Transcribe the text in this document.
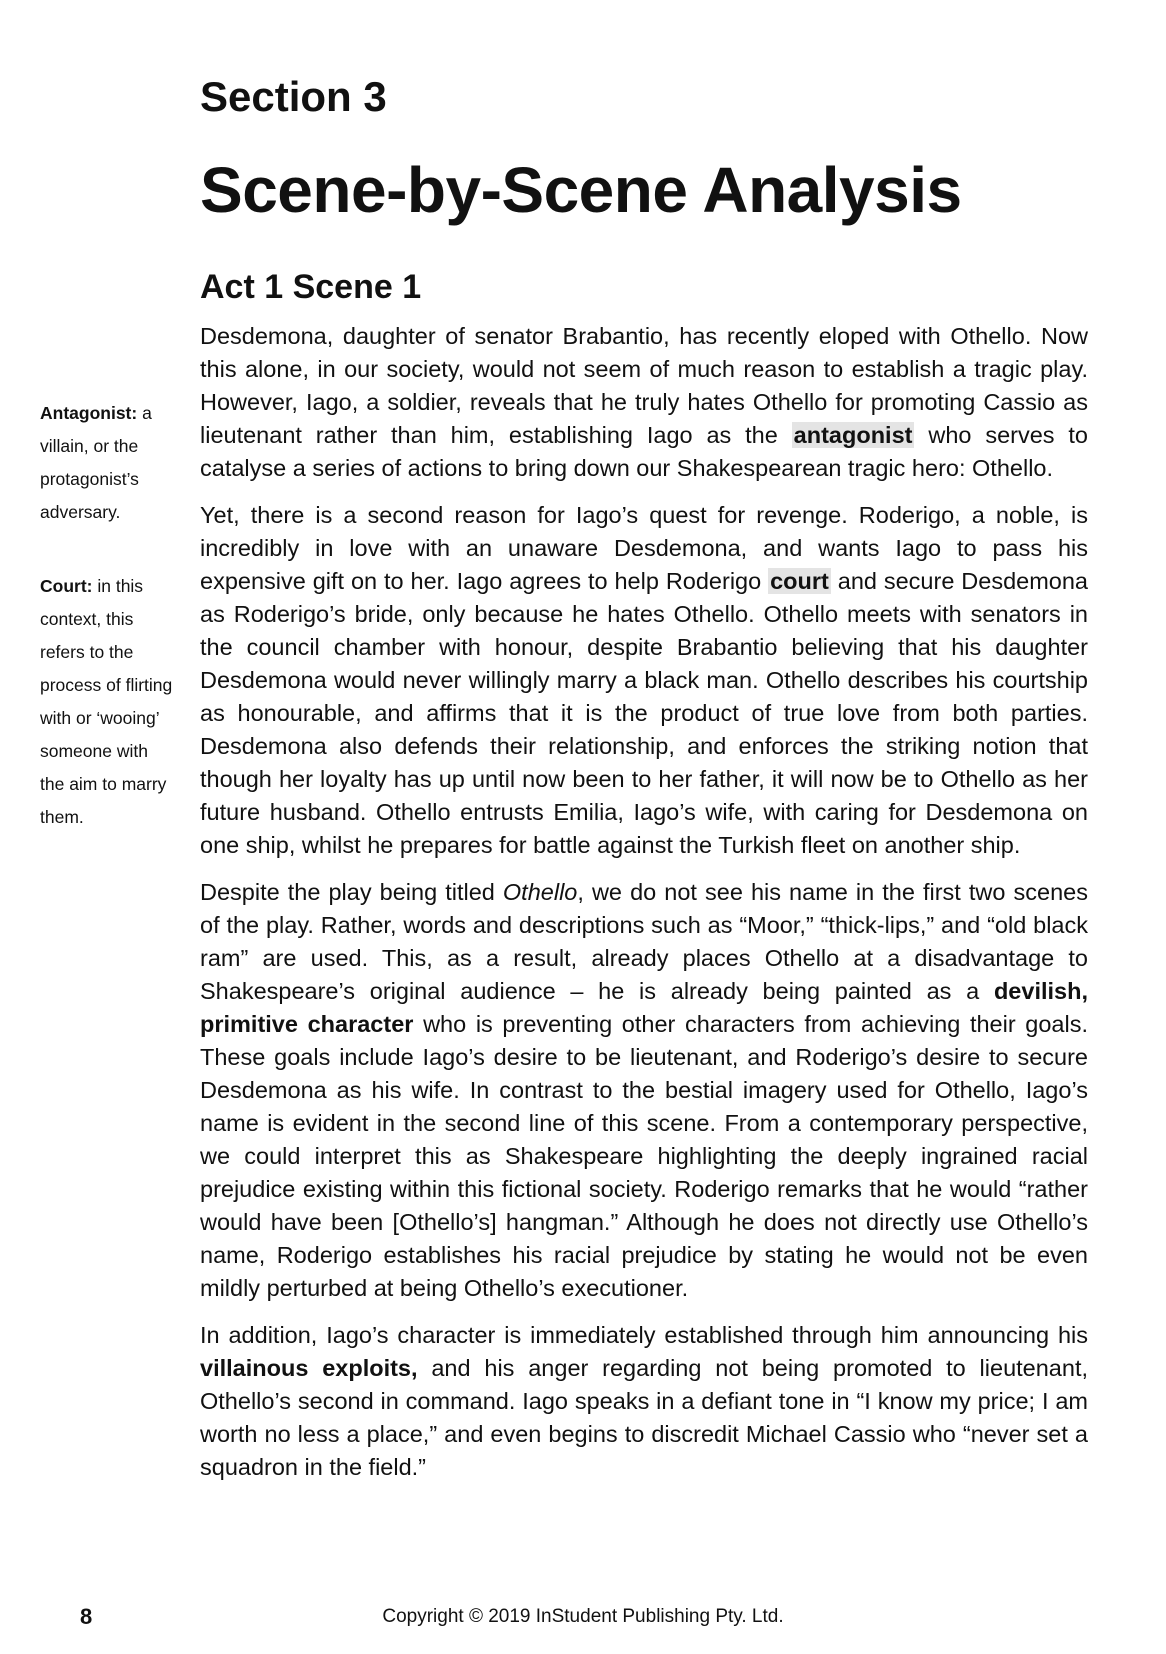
Section 3
Scene-by-Scene Analysis
Act 1 Scene 1
Antagonist: a villain, or the protagonist’s adversary.
Court: in this context, this refers to the process of flirting with or ‘wooing’ someone with the aim to marry them.

Desdemona, daughter of senator Brabantio, has recently eloped with Othello. Now this alone, in our society, would not seem of much reason to establish a tragic play. However, Iago, a soldier, reveals that he truly hates Othello for promoting Cassio as lieutenant rather than him, establishing Iago as the antagonist who serves to catalyse a series of actions to bring down our Shakespearean tragic hero: Othello.

Yet, there is a second reason for Iago’s quest for revenge. Roderigo, a noble, is incredibly in love with an unaware Desdemona, and wants Iago to pass his expensive gift on to her. Iago agrees to help Roderigo court and secure Desdemona as Roderigo’s bride, only because he hates Othello. Othello meets with senators in the council chamber with honour, despite Brabantio believing that his daughter Desdemona would never willingly marry a black man. Othello describes his courtship as honourable, and affirms that it is the product of true love from both parties. Desdemona also defends their relationship, and enforces the striking notion that though her loyalty has up until now been to her father, it will now be to Othello as her future husband. Othello entrusts Emilia, Iago’s wife, with caring for Desdemona on one ship, whilst he prepares for battle against the Turkish fleet on another ship.

Despite the play being titled Othello, we do not see his name in the first two scenes of the play. Rather, words and descriptions such as “Moor,” “thick-lips,” and “old black ram” are used. This, as a result, already places Othello at a disadvantage to Shakespeare’s original audience – he is already being painted as a devilish, primitive character who is preventing other characters from achieving their goals. These goals include Iago’s desire to be lieutenant, and Roderigo’s desire to secure Desdemona as his wife. In contrast to the bestial imagery used for Othello, Iago’s name is evident in the second line of this scene. From a contemporary perspective, we could interpret this as Shakespeare highlighting the deeply ingrained racial prejudice existing within this fictional society. Roderigo remarks that he would “rather would have been [Othello’s] hangman.” Although he does not directly use Othello’s name, Roderigo establishes his racial prejudice by stating he would not be even mildly perturbed at being Othello’s executioner.

In addition, Iago’s character is immediately established through him announcing his villainous exploits, and his anger regarding not being promoted to lieutenant, Othello’s second in command. Iago speaks in a defiant tone in “I know my price; I am worth no less a place,” and even begins to discredit Michael Cassio who “never set a squadron in the field.”

8	Copyright © 2019 InStudent Publishing Pty. Ltd.
